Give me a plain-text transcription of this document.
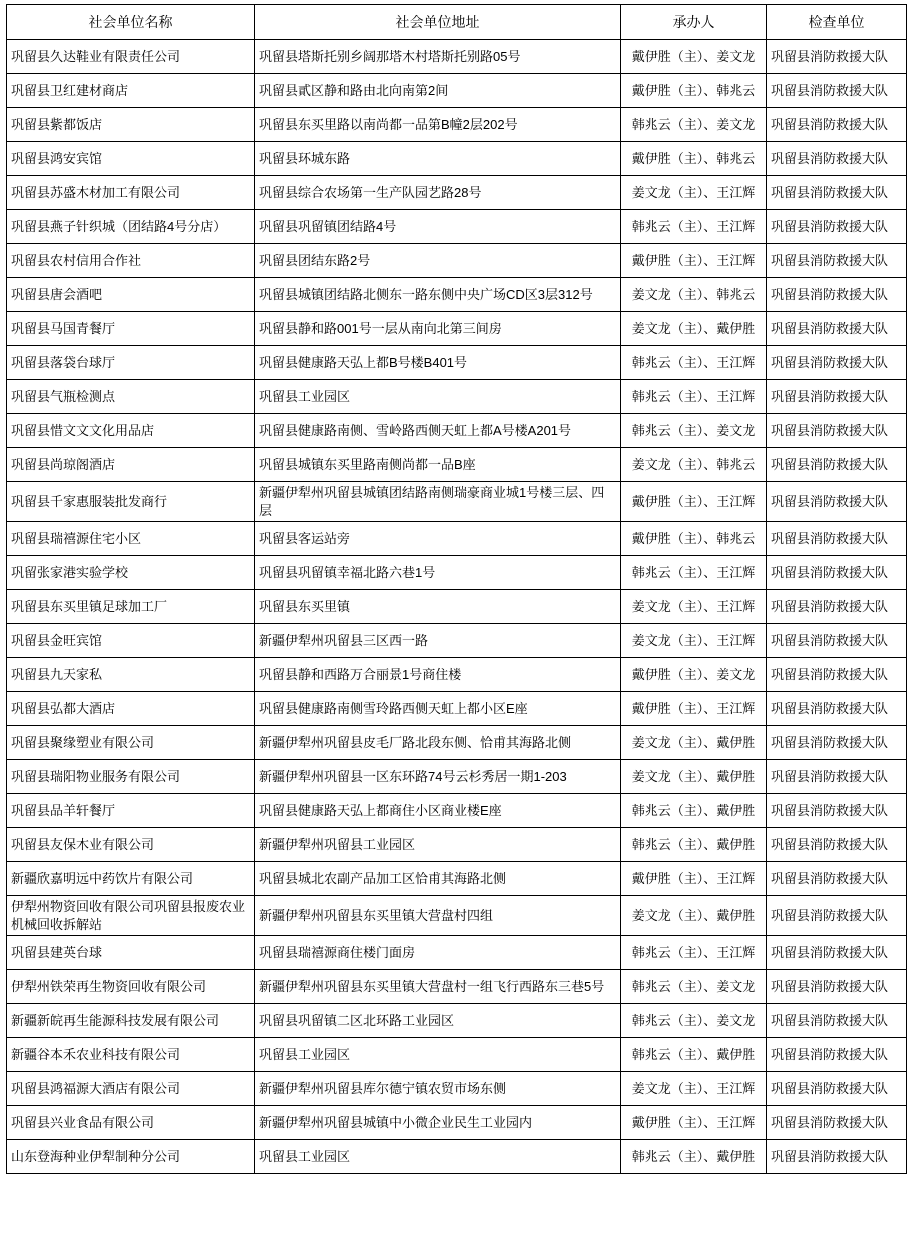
社会单位名称	社会单位地址	承办人	检查单位
巩留县久达鞋业有限责任公司	巩留县塔斯托别乡阔那塔木村塔斯托别路05号	戴伊胜（主）、姜文龙	巩留县消防救援大队
巩留县卫红建材商店	巩留县貳区静和路由北向南第2间	戴伊胜（主）、韩兆云	巩留县消防救援大队
巩留县紫都饭店	巩留县东买里路以南尚都一品第B幢2层202号	韩兆云（主）、姜文龙	巩留县消防救援大队
巩留县鸿安宾馆	巩留县环城东路	戴伊胜（主）、韩兆云	巩留县消防救援大队
巩留县苏盛木材加工有限公司	巩留县综合农场第一生产队园艺路28号	姜文龙（主）、王江辉	巩留县消防救援大队
巩留县燕子针织城（团结路4号分店）	巩留县巩留镇团结路4号	韩兆云（主）、王江辉	巩留县消防救援大队
巩留县农村信用合作社	巩留县团结东路2号	戴伊胜（主）、王江辉	巩留县消防救援大队
巩留县唐会酒吧	巩留县城镇团结路北侧东一路东侧中央广场CD区3层312号	姜文龙（主）、韩兆云	巩留县消防救援大队
巩留县马国青餐厅	巩留县静和路001号一层从南向北第三间房	姜文龙（主）、戴伊胜	巩留县消防救援大队
巩留县落袋台球厅	巩留县健康路天弘上都B号楼B401号	韩兆云（主）、王江辉	巩留县消防救援大队
巩留县气瓶检测点	巩留县工业园区	韩兆云（主）、王江辉	巩留县消防救援大队
巩留县惜文文文化用品店	巩留县健康路南侧、雪岭路西侧天虹上都A号楼A201号	韩兆云（主）、姜文龙	巩留县消防救援大队
巩留县尚琼阁酒店	巩留县城镇东买里路南侧尚都一品B座	姜文龙（主）、韩兆云	巩留县消防救援大队
巩留县千家惠服装批发商行	新疆伊犁州巩留县城镇团结路南侧瑞豪商业城1号楼三层、四层	戴伊胜（主）、王江辉	巩留县消防救援大队
巩留县瑞禧源住宅小区	巩留县客运站旁	戴伊胜（主）、韩兆云	巩留县消防救援大队
巩留张家港实验学校	巩留县巩留镇幸福北路六巷1号	韩兆云（主）、王江辉	巩留县消防救援大队
巩留县东买里镇足球加工厂	巩留县东买里镇	姜文龙（主）、王江辉	巩留县消防救援大队
巩留县金旺宾馆	新疆伊犁州巩留县三区西一路	姜文龙（主）、王江辉	巩留县消防救援大队
巩留县九天家私	巩留县静和西路万合丽景1号商住楼	戴伊胜（主）、姜文龙	巩留县消防救援大队
巩留县弘都大酒店	巩留县健康路南侧雪玲路西侧天虹上都小区E座	戴伊胜（主）、王江辉	巩留县消防救援大队
巩留县聚缘塑业有限公司	新疆伊犁州巩留县皮毛厂路北段东侧、恰甫其海路北侧	姜文龙（主）、戴伊胜	巩留县消防救援大队
巩留县瑞阳物业服务有限公司	新疆伊犁州巩留县一区东环路74号云杉秀居一期1-203	姜文龙（主）、戴伊胜	巩留县消防救援大队
巩留县品羊轩餐厅	巩留县健康路天弘上都商住小区商业楼E座	韩兆云（主）、戴伊胜	巩留县消防救援大队
巩留县友保木业有限公司	新疆伊犁州巩留县工业园区	韩兆云（主）、戴伊胜	巩留县消防救援大队
新疆欣嘉明远中药饮片有限公司	巩留县城北农副产品加工区恰甫其海路北侧	戴伊胜（主）、王江辉	巩留县消防救援大队
伊犁州物资回收有限公司巩留县报废农业机械回收拆解站	新疆伊犁州巩留县东买里镇大营盘村四组	姜文龙（主）、戴伊胜	巩留县消防救援大队
巩留县建英台球	巩留县瑞禧源商住楼门面房	韩兆云（主）、王江辉	巩留县消防救援大队
伊犁州铁荣再生物资回收有限公司	新疆伊犁州巩留县东买里镇大营盘村一组飞行西路东三巷5号	韩兆云（主）、姜文龙	巩留县消防救援大队
新疆新皖再生能源科技发展有限公司	巩留县巩留镇二区北环路工业园区	韩兆云（主）、姜文龙	巩留县消防救援大队
新疆谷本禾农业科技有限公司	巩留县工业园区	韩兆云（主）、戴伊胜	巩留县消防救援大队
巩留县鸿福源大酒店有限公司	新疆伊犁州巩留县库尔德宁镇农贸市场东侧	姜文龙（主）、王江辉	巩留县消防救援大队
巩留县兴业食品有限公司	新疆伊犁州巩留县城镇中小微企业民生工业园内	戴伊胜（主）、王江辉	巩留县消防救援大队
山东登海种业伊犁制种分公司	巩留县工业园区	韩兆云（主）、戴伊胜	巩留县消防救援大队
